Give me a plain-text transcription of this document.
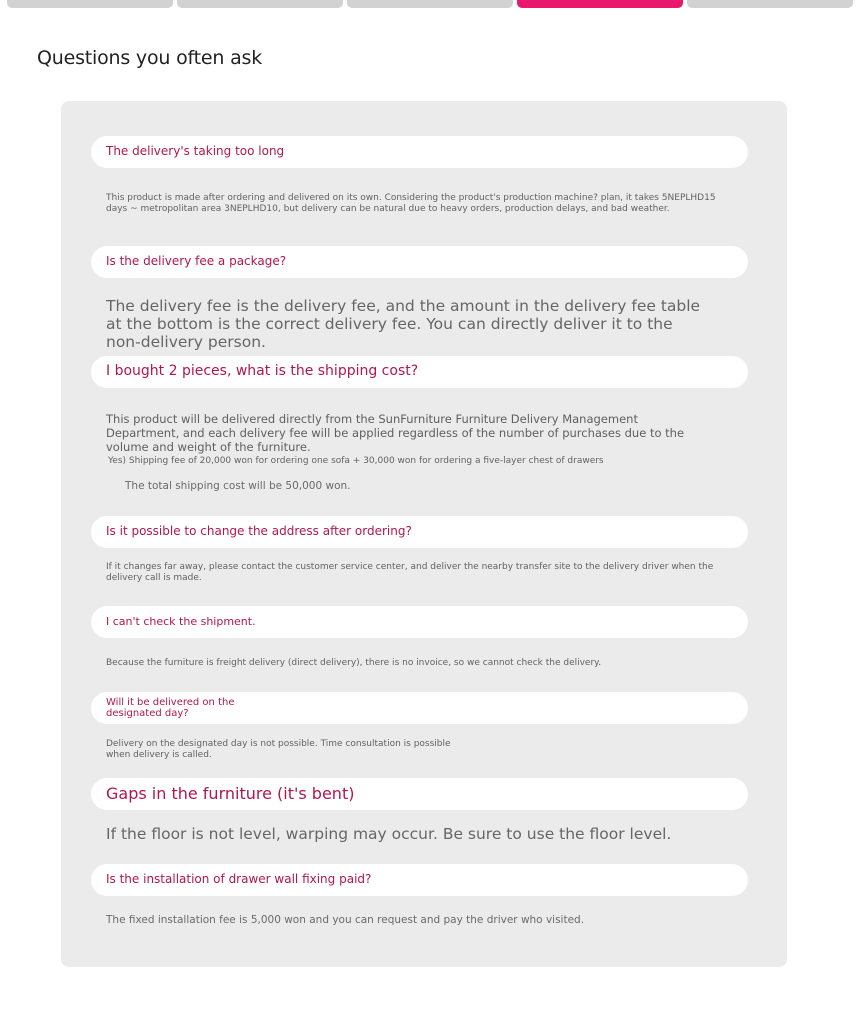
Questions you often ask
The delivery's taking too long

This product is made after ordering and delivered on its own. Considering the product's production machine? plan, it takes 5NEPLHD15 days ~ metropolitan area 3NEPLHD10, but delivery can be natural due to heavy orders, production delays, and bad weather.

Is the delivery fee a package?

The delivery fee is the delivery fee, and the amount in the delivery fee table at the bottom is the correct delivery fee. You can directly deliver it to the non-delivery person.

I bought 2 pieces, what is the shipping cost?

This product will be delivered directly from the SunFurniture Furniture Delivery Management Department, and each delivery fee will be applied regardless of the number of purchases due to the volume and weight of the furniture.

Yes) Shipping fee of 20,000 won for ordering one sofa + 30,000 won for ordering a five-layer chest of drawers

The total shipping cost will be 50,000 won.

Is it possible to change the address after ordering?

If it changes far away, please contact the customer service center, and deliver the nearby transfer site to the delivery driver when the delivery call is made.

I can't check the shipment.

Because the furniture is freight delivery (direct delivery), there is no invoice, so we cannot check the delivery.

Will it be delivered on the designated day?

Delivery on the designated day is not possible. Time consultation is possible when delivery is called.

Gaps in the furniture (it's bent)

If the floor is not level, warping may occur. Be sure to use the floor level.

Is the installation of drawer wall fixing paid?

The fixed installation fee is 5,000 won and you can request and pay the driver who visited.
